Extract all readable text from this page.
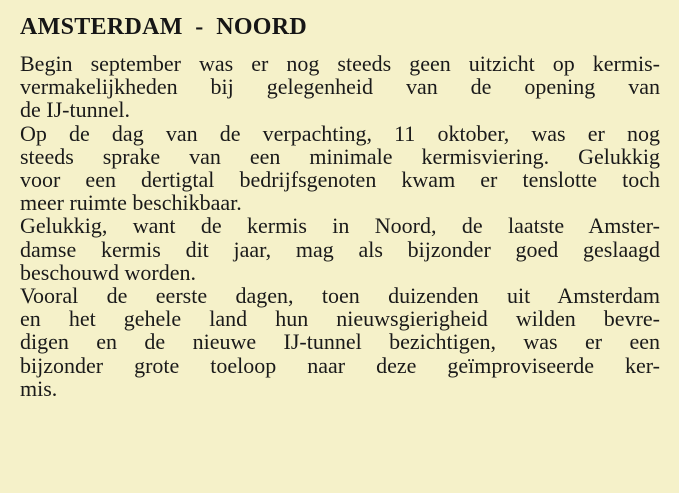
AMSTERDAM  -  NOORD

Begin september was er nog steeds geen uitzicht op kermis-
vermakelijkheden bij gelegenheid van de opening van
de IJ-tunnel.

Op de dag van de verpachting, 11 oktober, was er nog
steeds sprake van een minimale kermisviering. Gelukkig
voor een dertigtal bedrijfsgenoten kwam er tenslotte toch
meer ruimte beschikbaar.

Gelukkig, want de kermis in Noord, de laatste Amster-
damse kermis dit jaar, mag als bijzonder goed geslaagd
beschouwd worden.

Vooral de eerste dagen, toen duizenden uit Amsterdam
en het gehele land hun nieuwsgierigheid wilden bevre-
digen en de nieuwe IJ-tunnel bezichtigen, was er een
bijzonder grote toeloop naar deze geïmproviseerde ker-
mis.
